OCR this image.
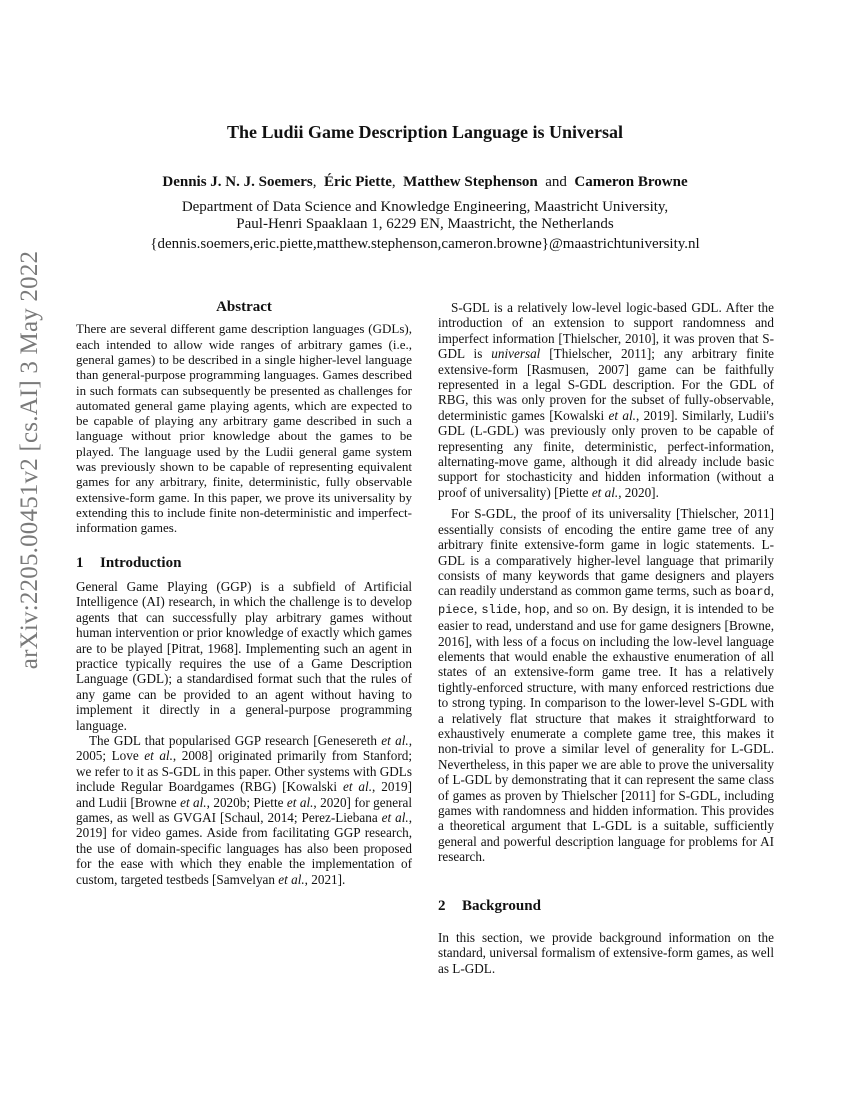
arXiv:2205.00451v2 [cs.AI] 3 May 2022
The Ludii Game Description Language is Universal
Dennis J. N. J. Soemers, Éric Piette, Matthew Stephenson and Cameron Browne
Department of Data Science and Knowledge Engineering, Maastricht University,
Paul-Henri Spaaklaan 1, 6229 EN, Maastricht, the Netherlands
{dennis.soemers,eric.piette,matthew.stephenson,cameron.browne}@maastrichtuniversity.nl
Abstract

There are several different game description languages (GDLs), each intended to allow wide ranges of arbitrary games (i.e., general games) to be described in a single higher-level language than general-purpose programming languages. Games described in such formats can subsequently be presented as challenges for automated general game playing agents, which are expected to be capable of playing any arbitrary game described in such a language without prior knowledge about the games to be played. The language used by the Ludii general game system was previously shown to be capable of representing equivalent games for any arbitrary, finite, deterministic, fully observable extensive-form game. In this paper, we prove its universality by extending this to include finite non-deterministic and imperfect-information games.

1 Introduction

General Game Playing (GGP) is a subfield of Artificial Intelligence (AI) research, in which the challenge is to develop agents that can successfully play arbitrary games without human intervention or prior knowledge of exactly which games are to be played [Pitrat, 1968]. Implementing such an agent in practice typically requires the use of a Game Description Language (GDL); a standardised format such that the rules of any game can be provided to an agent without having to implement it directly in a general-purpose programming language.

The GDL that popularised GGP research [Genesereth et al., 2005; Love et al., 2008] originated primarily from Stanford; we refer to it as S-GDL in this paper. Other systems with GDLs include Regular Boardgames (RBG) [Kowalski et al., 2019] and Ludii [Browne et al., 2020b; Piette et al., 2020] for general games, as well as GVGAI [Schaul, 2014; Perez-Liebana et al., 2019] for video games. Aside from facilitating GGP research, the use of domain-specific languages has also been proposed for the ease with which they enable the implementation of custom, targeted testbeds [Samvelyan et al., 2021].

S-GDL is a relatively low-level logic-based GDL. After the introduction of an extension to support randomness and imperfect information [Thielscher, 2010], it was proven that S-GDL is universal [Thielscher, 2011]; any arbitrary finite extensive-form [Rasmusen, 2007] game can be faithfully represented in a legal S-GDL description. For the GDL of RBG, this was only proven for the subset of fully-observable, deterministic games [Kowalski et al., 2019]. Similarly, Ludii's GDL (L-GDL) was previously only proven to be capable of representing any finite, deterministic, perfect-information, alternating-move game, although it did already include basic support for stochasticity and hidden information (without a proof of universality) [Piette et al., 2020].

For S-GDL, the proof of its universality [Thielscher, 2011] essentially consists of encoding the entire game tree of any arbitrary finite extensive-form game in logic statements. L-GDL is a comparatively higher-level language that primarily consists of many keywords that game designers and players can readily understand as common game terms, such as board, piece, slide, hop, and so on. By design, it is intended to be easier to read, understand and use for game designers [Browne, 2016], with less of a focus on including the low-level language elements that would enable the exhaustive enumeration of all states of an extensive-form game tree. It has a relatively tightly-enforced structure, with many enforced restrictions due to strong typing. In comparison to the lower-level S-GDL with a relatively flat structure that makes it straightforward to exhaustively enumerate a complete game tree, this makes it non-trivial to prove a similar level of generality for L-GDL. Nevertheless, in this paper we are able to prove the universality of L-GDL by demonstrating that it can represent the same class of games as proven by Thielscher [2011] for S-GDL, including games with randomness and hidden information. This provides a theoretical argument that L-GDL is a suitable, sufficiently general and powerful description language for problems for AI research.

2 Background

In this section, we provide background information on the standard, universal formalism of extensive-form games, as well as L-GDL.
